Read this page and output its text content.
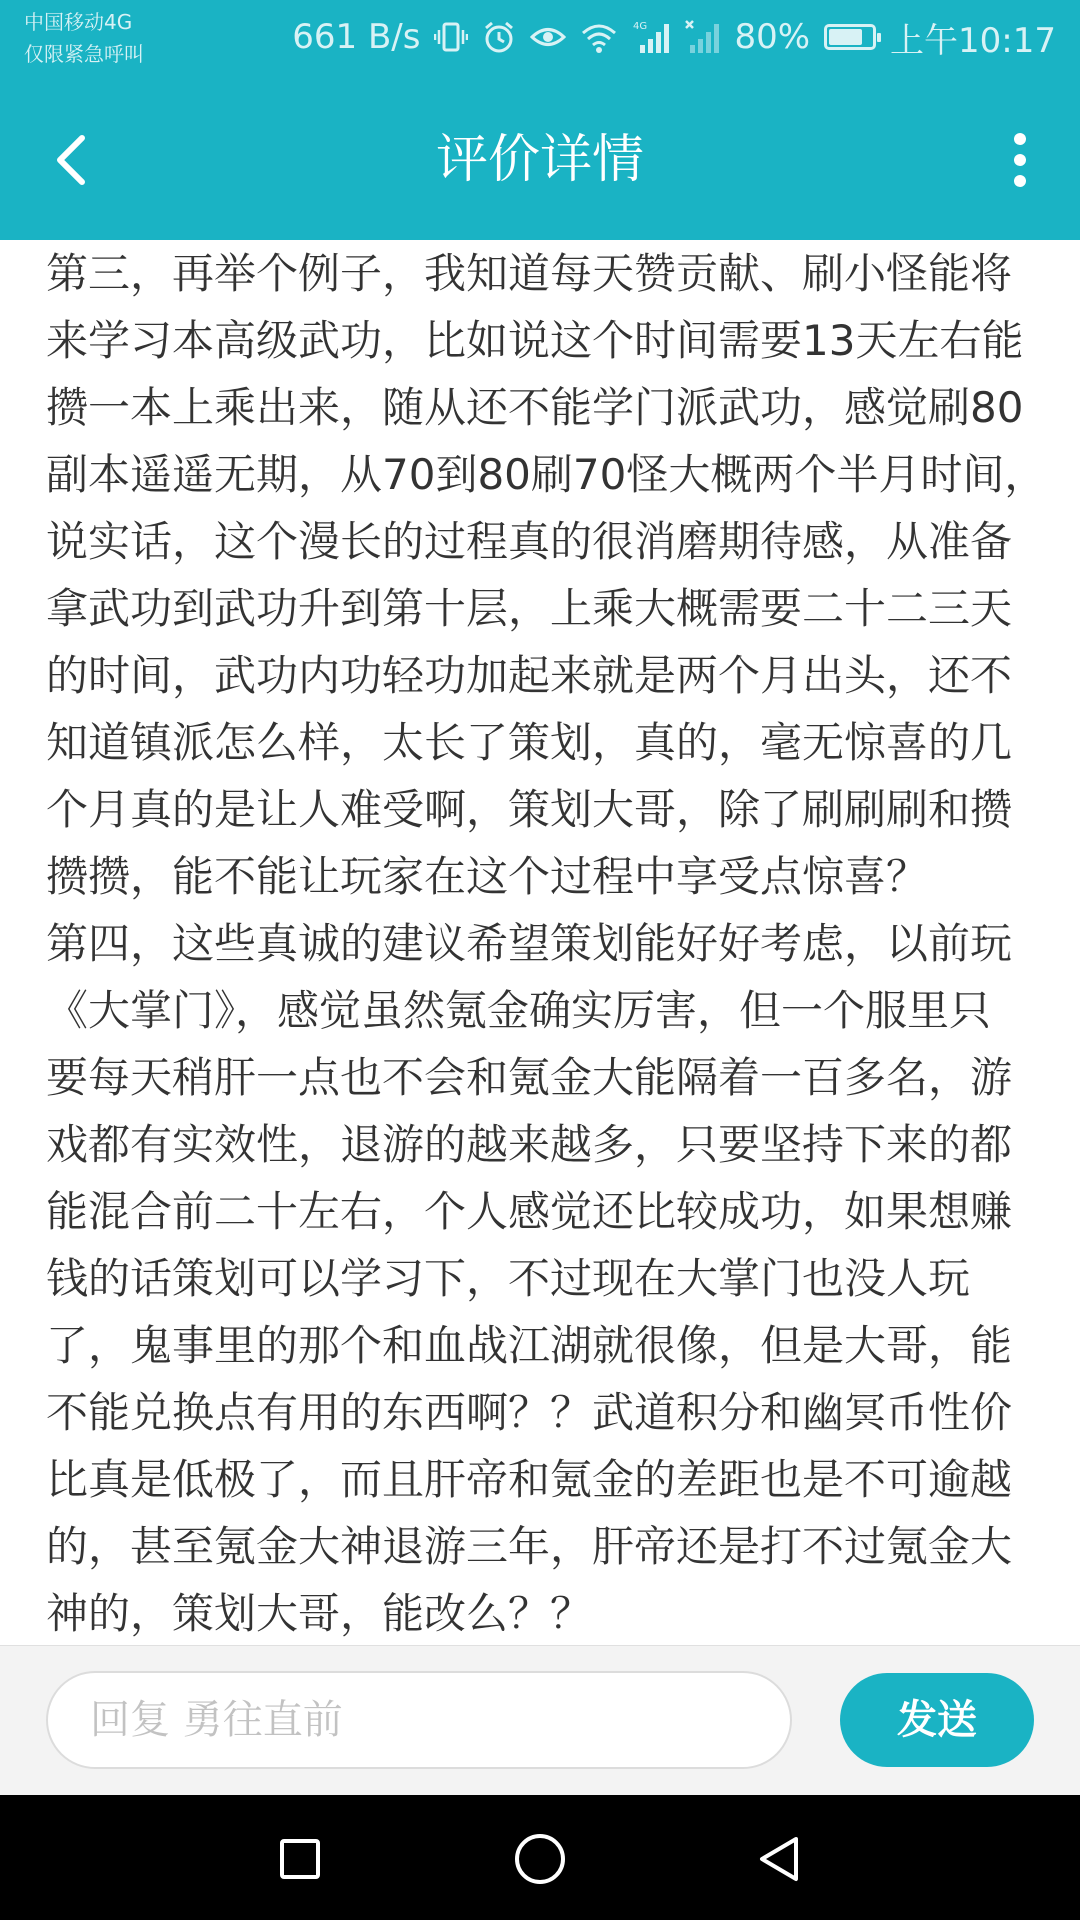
中国移动4G
仅限紧急呼叫	661 B/s	4G	80% 上午10:17
评价详情

第三，再举个例子，我知道每天赞贡献、刷小怪能将
来学习本高级武功，比如说这个时间需要13天左右能
攒一本上乘出来，随从还不能学门派武功，感觉刷80
副本遥遥无期，从70到80刷70怪大概两个半月时间，
说实话，这个漫长的过程真的很消磨期待感，从准备
拿武功到武功升到第十层，上乘大概需要二十二三天
的时间，武功内功轻功加起来就是两个月出头，还不
知道镇派怎么样，太长了策划，真的，毫无惊喜的几
个月真的是让人难受啊，策划大哥，除了刷刷刷和攒
攒攒，能不能让玩家在这个过程中享受点惊喜？
第四，这些真诚的建议希望策划能好好考虑，以前玩
《大掌门》，感觉虽然氪金确实厉害，但一个服里只
要每天稍肝一点也不会和氪金大能隔着一百多名，游
戏都有实效性，退游的越来越多，只要坚持下来的都
能混合前二十左右，个人感觉还比较成功，如果想赚
钱的话策划可以学习下，不过现在大掌门也没人玩
了，鬼事里的那个和血战江湖就很像，但是大哥，能
不能兑换点有用的东西啊？？武道积分和幽冥币性价
比真是低极了，而且肝帝和氪金的差距也是不可逾越
的，甚至氪金大神退游三年，肝帝还是打不过氪金大
神的，策划大哥，能改么？？

回复 勇往直前
发送
